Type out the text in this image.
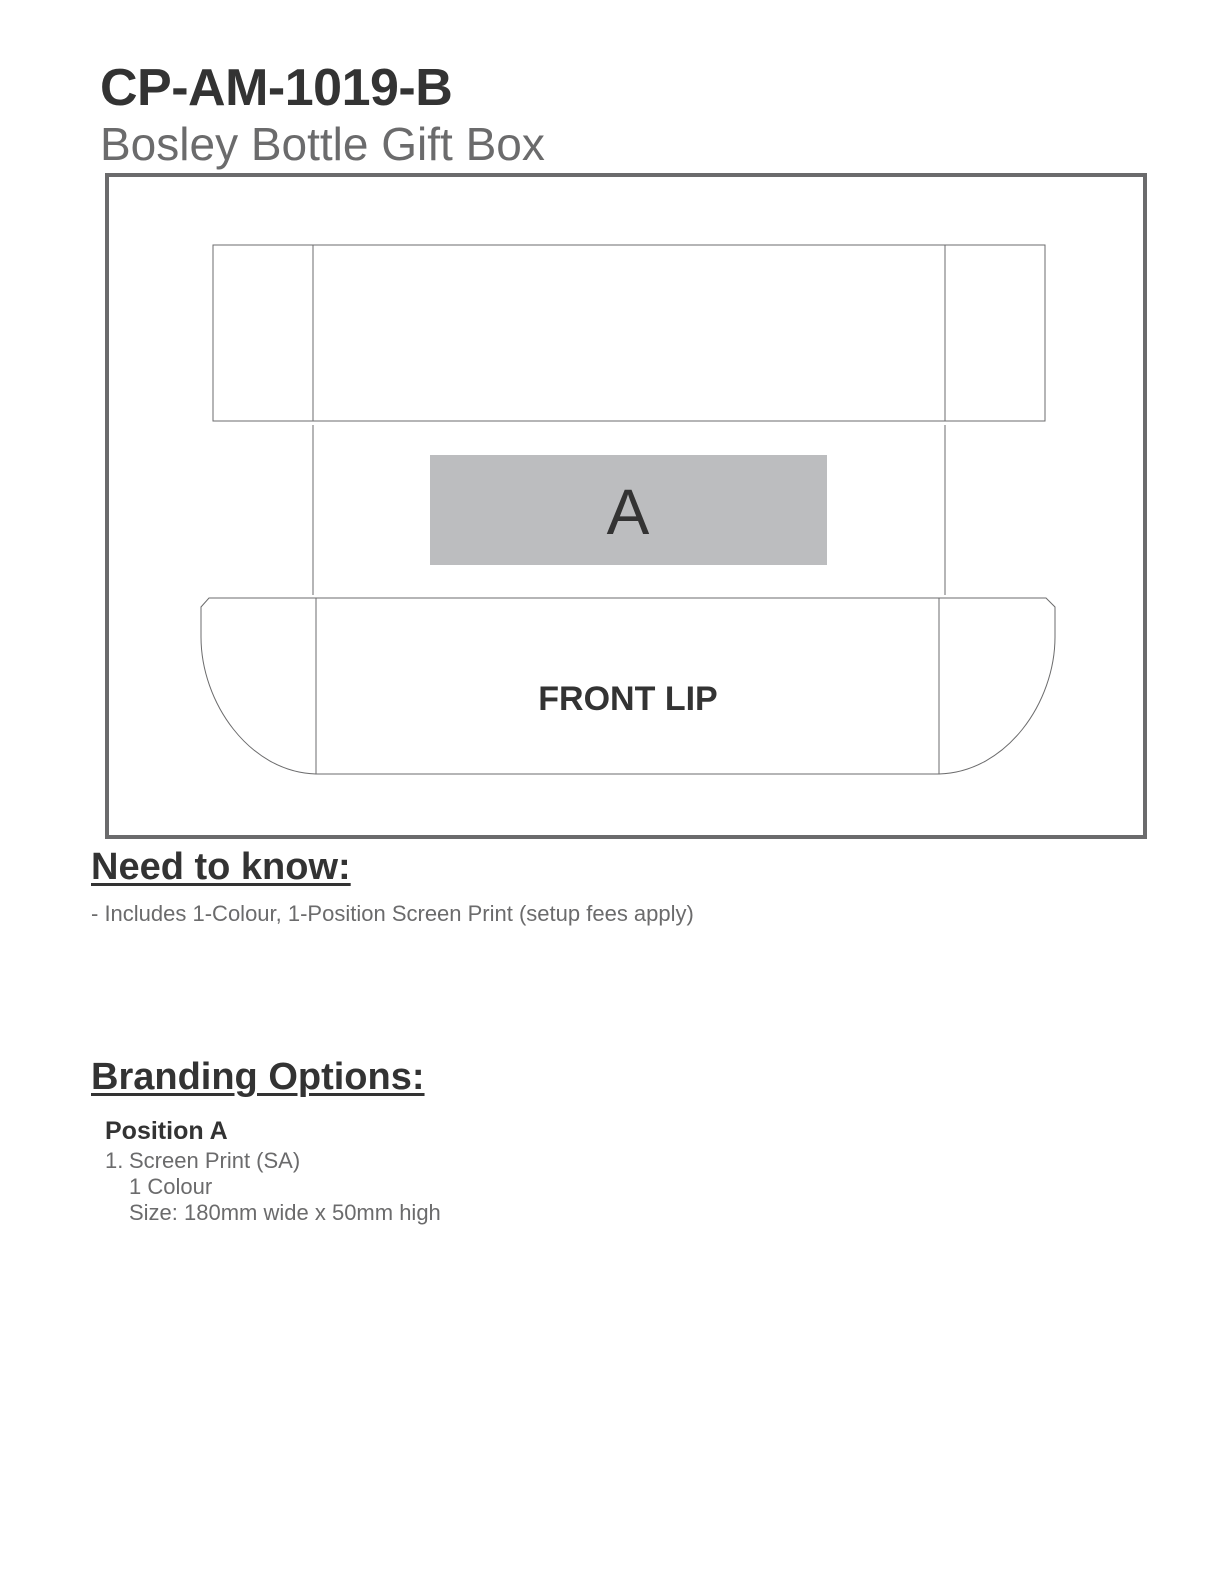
CP-AM-1019-B
Bosley Bottle Gift Box
A
FRONT LIP
Need to know:

- Includes 1-Colour, 1-Position Screen Print (setup fees apply)

Branding Options:

Position A

1. Screen Print (SA)
1 Colour
Size: 180mm wide x 50mm high
